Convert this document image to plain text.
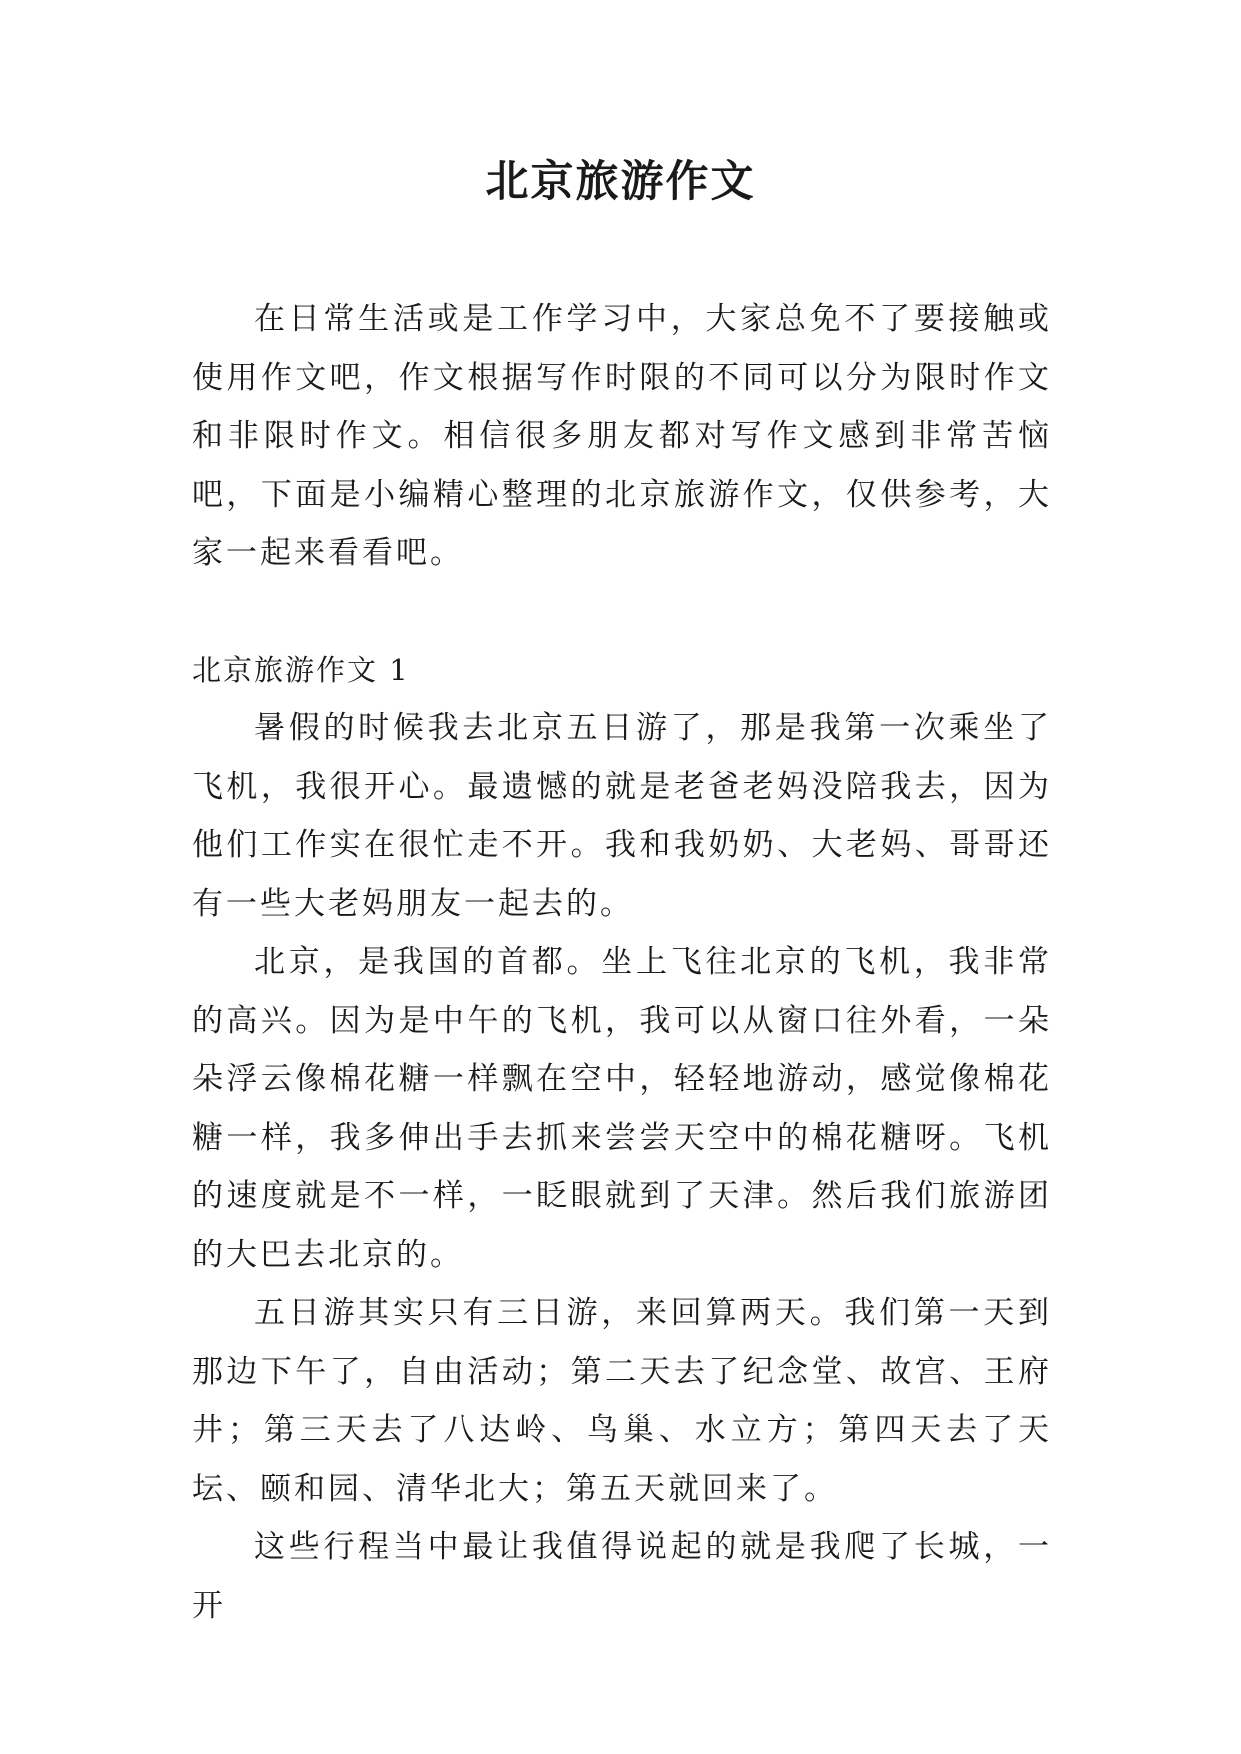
北京旅游作文

在日常生活或是工作学习中，大家总免不了要接触或使用作文吧，作文根据写作时限的不同可以分为限时作文和非限时作文。相信很多朋友都对写作文感到非常苦恼吧，下面是小编精心整理的北京旅游作文，仅供参考，大家一起来看看吧。

北京旅游作文 1

暑假的时候我去北京五日游了，那是我第一次乘坐了飞机，我很开心。最遗憾的就是老爸老妈没陪我去，因为他们工作实在很忙走不开。我和我奶奶、大老妈、哥哥还有一些大老妈朋友一起去的。

北京，是我国的首都。坐上飞往北京的飞机，我非常的高兴。因为是中午的飞机，我可以从窗口往外看，一朵朵浮云像棉花糖一样飘在空中，轻轻地游动，感觉像棉花糖一样，我多伸出手去抓来尝尝天空中的棉花糖呀。飞机的速度就是不一样，一眨眼就到了天津。然后我们旅游团的大巴去北京的。

五日游其实只有三日游，来回算两天。我们第一天到那边下午了，自由活动；第二天去了纪念堂、故宫、王府井；第三天去了八达岭、鸟巢、水立方；第四天去了天坛、颐和园、清华北大；第五天就回来了。

这些行程当中最让我值得说起的就是我爬了长城，一开
